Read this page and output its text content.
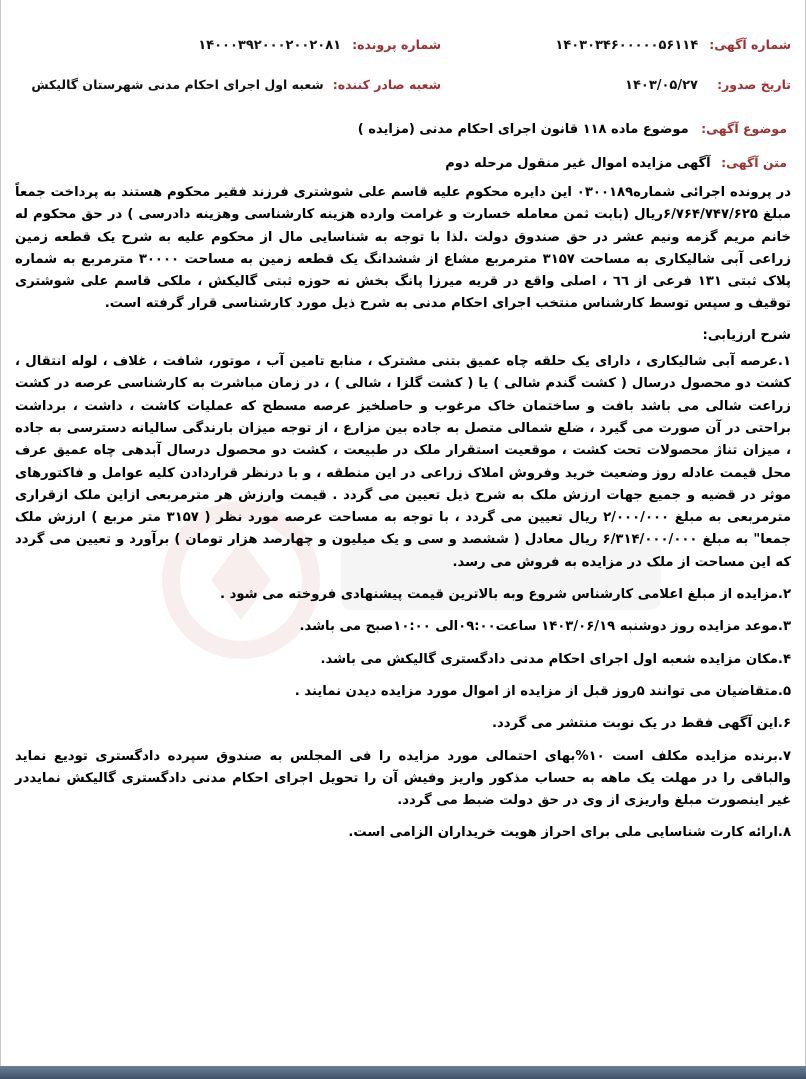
شماره آگهی: ۱۴۰۳۰۳۴۶۰۰۰۰۰۵۶۱۱۴
شماره پرونده: ۱۴۰۰۰۳۹۲۰۰۰۲۰۰۲۰۸۱
تاریخ صدور: ۱۴۰۳/۰۵/۲۷
شعبه صادر کننده: شعبه اول اجرای احکام مدنی شهرستان گالیکش
موضوع آگهی: موضوع ماده ۱۱۸ قانون اجرای احکام مدنی (مزایده )
متن آگهی: آگهی مزایده اموال غیر منقول مرحله دوم

در پرونده اجرائی شماره۰۳۰۰۱۸۹ این دایره محکوم علیه قاسم علی شوشتری فرزند فقیر محکوم هستند به پرداخت جمعاً مبلغ ۶/۷۶۴/۷۴۷/۶۲۵ریال (بابت ثمن معامله خسارت و غرامت وارده هزینه کارشناسی وهزینه دادرسی ) در حق محکوم له خانم مریم گزمه ونیم عشر در حق صندوق دولت .لذا با توجه به شناسایی مال از محکوم علیه به شرح یک قطعه زمین زراعی آبی شالیکاری به مساحت ۳۱۵۷ مترمربع مشاع از ششدانگ یک قطعه زمین به مساحت ۳۰۰۰۰ مترمربع به شماره پلاک ثبتی ۱۳۱ فرعی از ٦٦ ، اصلی واقع در قریه میرزا پانگ بخش نه حوزه ثبتی گالیکش ، ملکی قاسم علی شوشتری توقیف و سپس توسط کارشناس منتخب اجرای احکام مدنی به شرح ذیل مورد کارشناسی قرار گرفته است.

شرح ارزیابی:

۱.عرصه آبی شالیکاری ، دارای یک حلقه چاه عمیق بتنی مشترک ، منابع تامین آب ، موتور، شافت ، غلاف ، لوله انتقال ، کشت دو محصول درسال ( کشت گندم شالی ) یا ( کشت گلزا ، شالی ) ، در زمان مباشرت به کارشناسی عرصه در کشت زراعت شالی می باشد بافت و ساختمان خاک مرغوب و حاصلخیز عرصه مسطح که عملیات کاشت ، داشت ، برداشت براحتی در آن صورت می گیرد ، ضلع شمالی متصل به جاده بین مزارع ، از توجه میزان بارندگی سالیانه دسترسی به جاده ، میزان تناژ محصولات تحت کشت ، موقعیت استقرار ملک در طبیعت ، کشت دو محصول درسال آبدهی چاه عمیق عرف محل قیمت عادله روز وضعیت خرید وفروش املاک زراعی در این منطقه ، و با درنظر قراردادن کلیه عوامل و فاکتورهای موثر در قضیه و جمیع جهات ارزش ملک به شرح ذیل تعیین می گردد . قیمت وارزش هر مترمربعی ازاین ملک ازقراری مترمربعی به مبلغ ۲/۰۰۰/۰۰۰ ریال تعیین می گردد ، با توجه به مساحت عرصه مورد نظر ( ۳۱۵۷ متر مربع ) ارزش ملک جمعا" به مبلغ ۶/۳۱۴/۰۰۰/۰۰۰ ریال معادل ( ششصد و سی و یک میلیون و چهارصد هزار تومان ) برآورد و تعیین می گردد که این مساحت از ملک در مزایده به فروش می رسد.

۲.مزایده از مبلغ اعلامی کارشناس شروع وبه بالاترین قیمت پیشنهادی فروخته می شود .

۳.موعد مزایده روز دوشنبه ۱۴۰۳/۰۶/۱۹ ساعت۰۹:۰۰الی ۱۰:۰۰صبح می باشد.

۴.مکان مزایده شعبه اول اجرای احکام مدنی دادگستری گالیکش می باشد.

۵.متقاضیان می توانند ۵روز قبل از مزایده از اموال مورد مزایده دیدن نمایند .

۶.این آگهی فقط در یک نوبت منتشر می گردد.

۷.برنده مزایده مکلف است ۱۰%بهای احتمالی مورد مزایده را فی المجلس به صندوق سپرده دادگستری توديع نمايد والباقی را در مهلت یک ماهه به حساب مذکور واریز وفیش آن را تحویل اجرای احکام مدنی دادگستری گالیکش نمایددر غیر اینصورت مبلغ واریزی از وی در حق دولت ضبط می گردد.

۸.ارائه کارت شناسایی ملی برای احراز هویت خریداران الزامی است.
